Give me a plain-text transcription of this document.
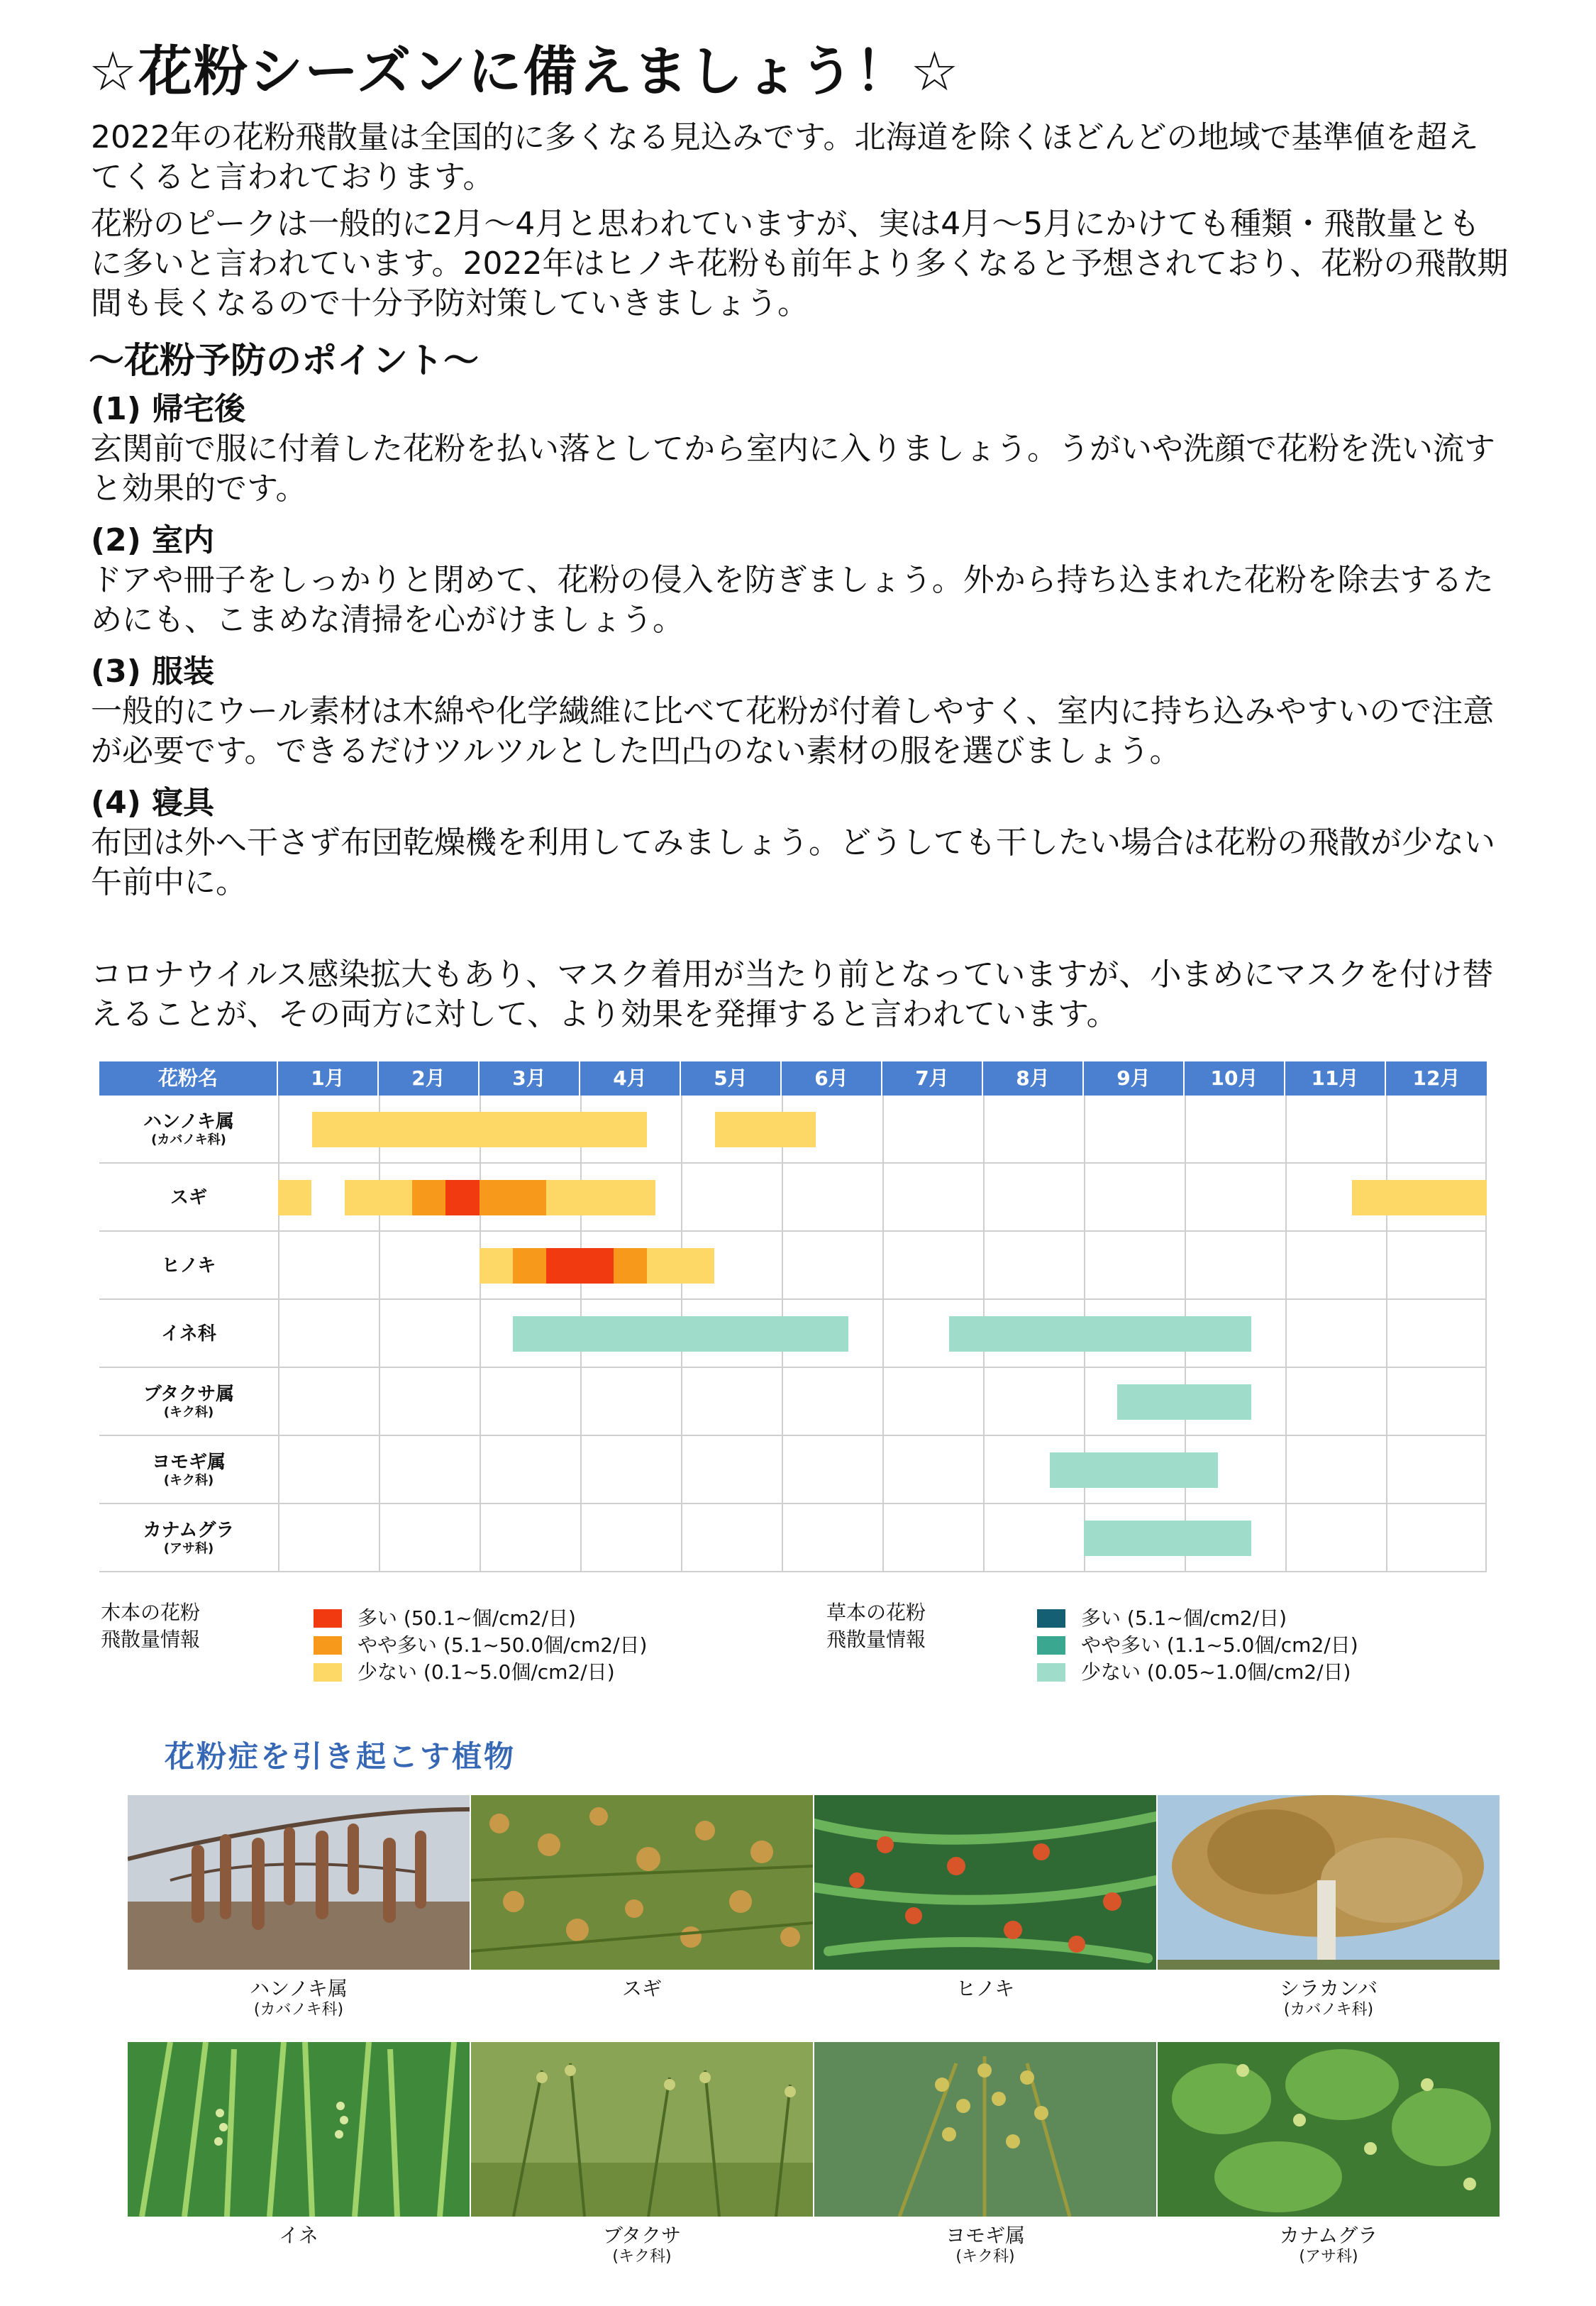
☆花粉シーズンに備えましょう！☆
2022年の花粉飛散量は全国的に多くなる見込みです。北海道を除くほどんどの地域で基準値を超えてくると言われております。
花粉のピークは一般的に2月～4月と思われていますが、実は4月～5月にかけても種類・飛散量ともに多いと言われています。2022年はヒノキ花粉も前年より多くなると予想されており、花粉の飛散期間も長くなるので十分予防対策していきましょう。
～花粉予防のポイント～
(1) 帰宅後
玄関前で服に付着した花粉を払い落としてから室内に入りましょう。うがいや洗顔で花粉を洗い流すと効果的です。
(2) 室内
ドアや冊子をしっかりと閉めて、花粉の侵入を防ぎましょう。外から持ち込まれた花粉を除去するためにも、こまめな清掃を心がけましょう。
(3) 服装
一般的にウール素材は木綿や化学繊維に比べて花粉が付着しやすく、室内に持ち込みやすいので注意が必要です。できるだけツルツルとした凹凸のない素材の服を選びましょう。
(4) 寝具
布団は外へ干さず布団乾燥機を利用してみましょう。どうしても干したい場合は花粉の飛散が少ない午前中に。
コロナウイルス感染拡大もあり、マスク着用が当たり前となっていますが、小まめにマスクを付け替えることが、その両方に対して、より効果を発揮すると言われています。
花粉名	1月	2月	3月	4月	5月	6月	7月	8月	9月	10月	11月	12月
ハンノキ属
(カバノキ科)
スギ
ヒノキ
イネ科
ブタクサ属
(キク科)
ヨモギ属
(キク科)
カナムグラ
(アサ科)
木本の花粉
飛散量情報
多い (50.1~個/cm2/日)
やや多い (5.1~50.0個/cm2/日)
少ない (0.1~5.0個/cm2/日)
草本の花粉
飛散量情報
多い (5.1~個/cm2/日)
やや多い (1.1~5.0個/cm2/日)
少ない (0.05~1.0個/cm2/日)
花粉症を引き起こす植物
ハンノキ属
(カバノキ科)
スギ	ヒノキ	シラカンバ
(カバノキ科)
イネ	ブタクサ
(キク科)
ヨモギ属
(キク科)
カナムグラ
(アサ科)
